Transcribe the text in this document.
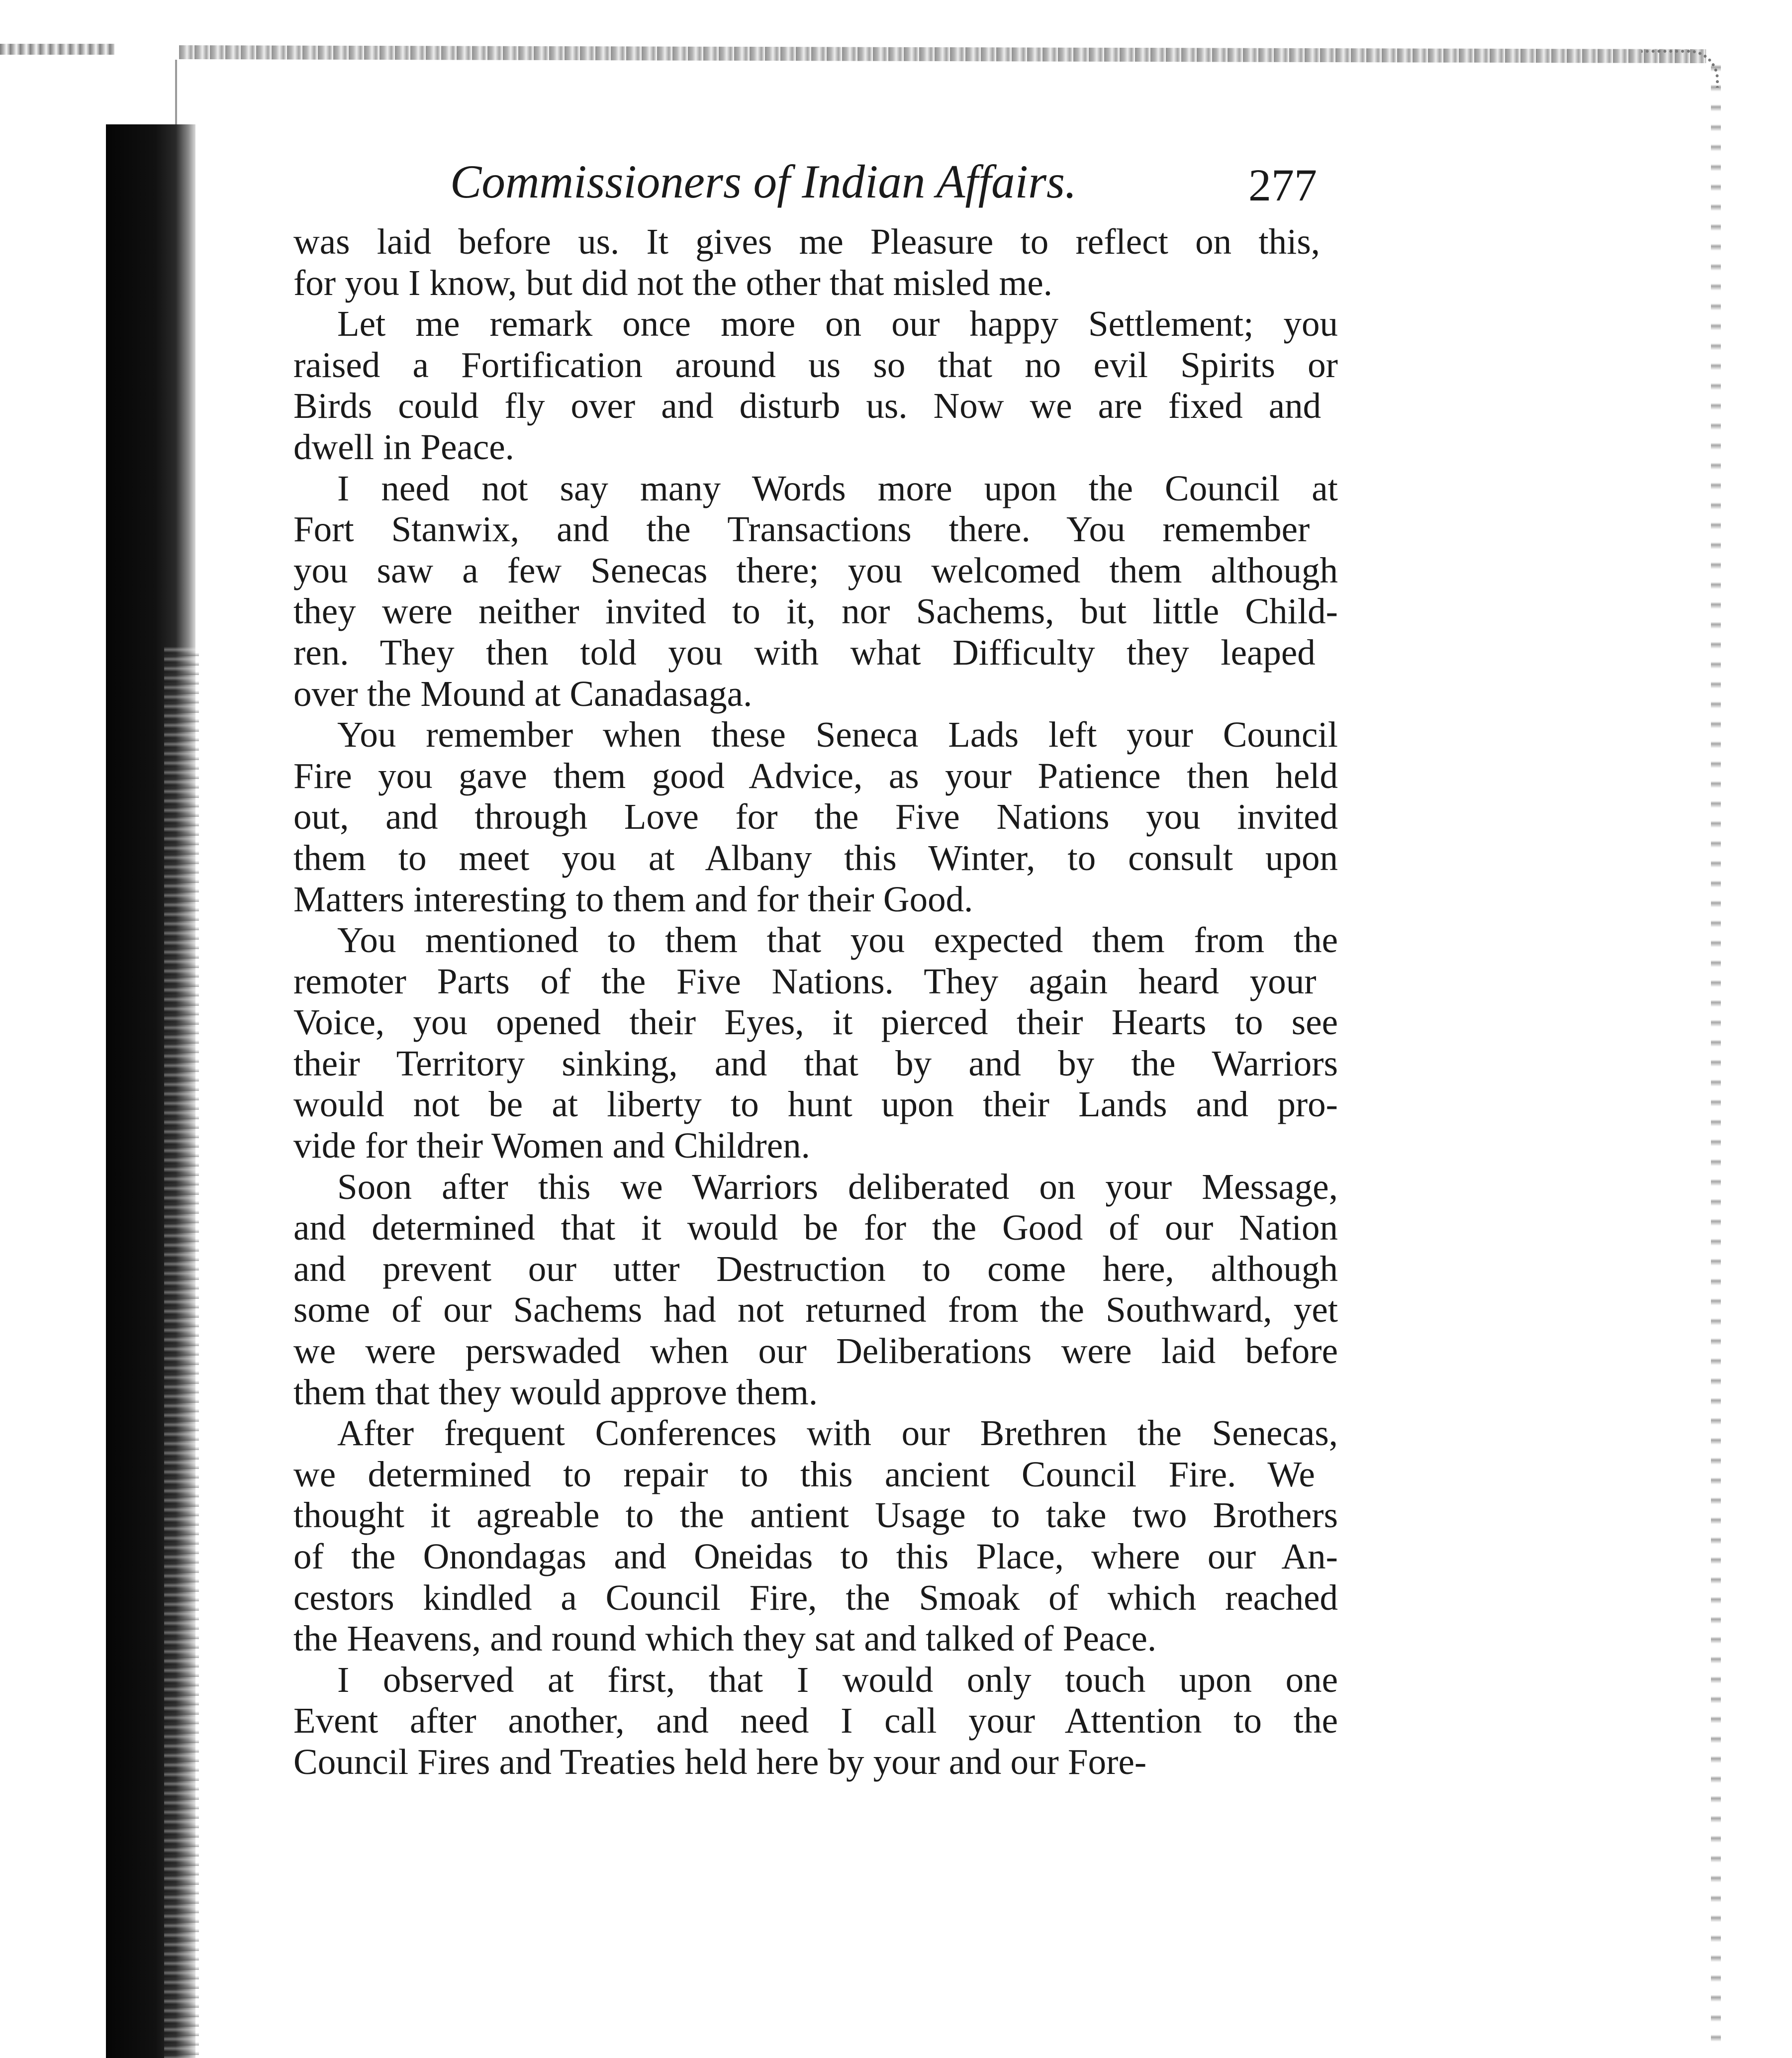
Commissioners of Indian Affairs.	277
was laid before us. It gives me Pleasure to reflect on this,
for you I know, but did not the other that misled me.
Let me remark once more on our happy Settlement; you
raised a Fortification around us so that no evil Spirits or
Birds could fly over and disturb us. Now we are fixed and
dwell in Peace.
I need not say many Words more upon the Council at
Fort Stanwix, and the Transactions there. You remember
you saw a few Senecas there; you welcomed them although
they were neither invited to it, nor Sachems, but little Child-
ren. They then told you with what Difficulty they leaped
over the Mound at Canadasaga.
You remember when these Seneca Lads left your Council
Fire you gave them good Advice, as your Patience then held
out, and through Love for the Five Nations you invited
them to meet you at Albany this Winter, to consult upon
Matters interesting to them and for their Good.
You mentioned to them that you expected them from the
remoter Parts of the Five Nations. They again heard your
Voice, you opened their Eyes, it pierced their Hearts to see
their Territory sinking, and that by and by the Warriors
would not be at liberty to hunt upon their Lands and pro-
vide for their Women and Children.
Soon after this we Warriors deliberated on your Message,
and determined that it would be for the Good of our Nation
and prevent our utter Destruction to come here, although
some of our Sachems had not returned from the Southward, yet
we were perswaded when our Deliberations were laid before
them that they would approve them.
After frequent Conferences with our Brethren the Senecas,
we determined to repair to this ancient Council Fire. We
thought it agreable to the antient Usage to take two Brothers
of the Onondagas and Oneidas to this Place, where our An-
cestors kindled a Council Fire, the Smoak of which reached
the Heavens, and round which they sat and talked of Peace.
I observed at first, that I would only touch upon one
Event after another, and need I call your Attention to the
Council Fires and Treaties held here by your and our Fore-
